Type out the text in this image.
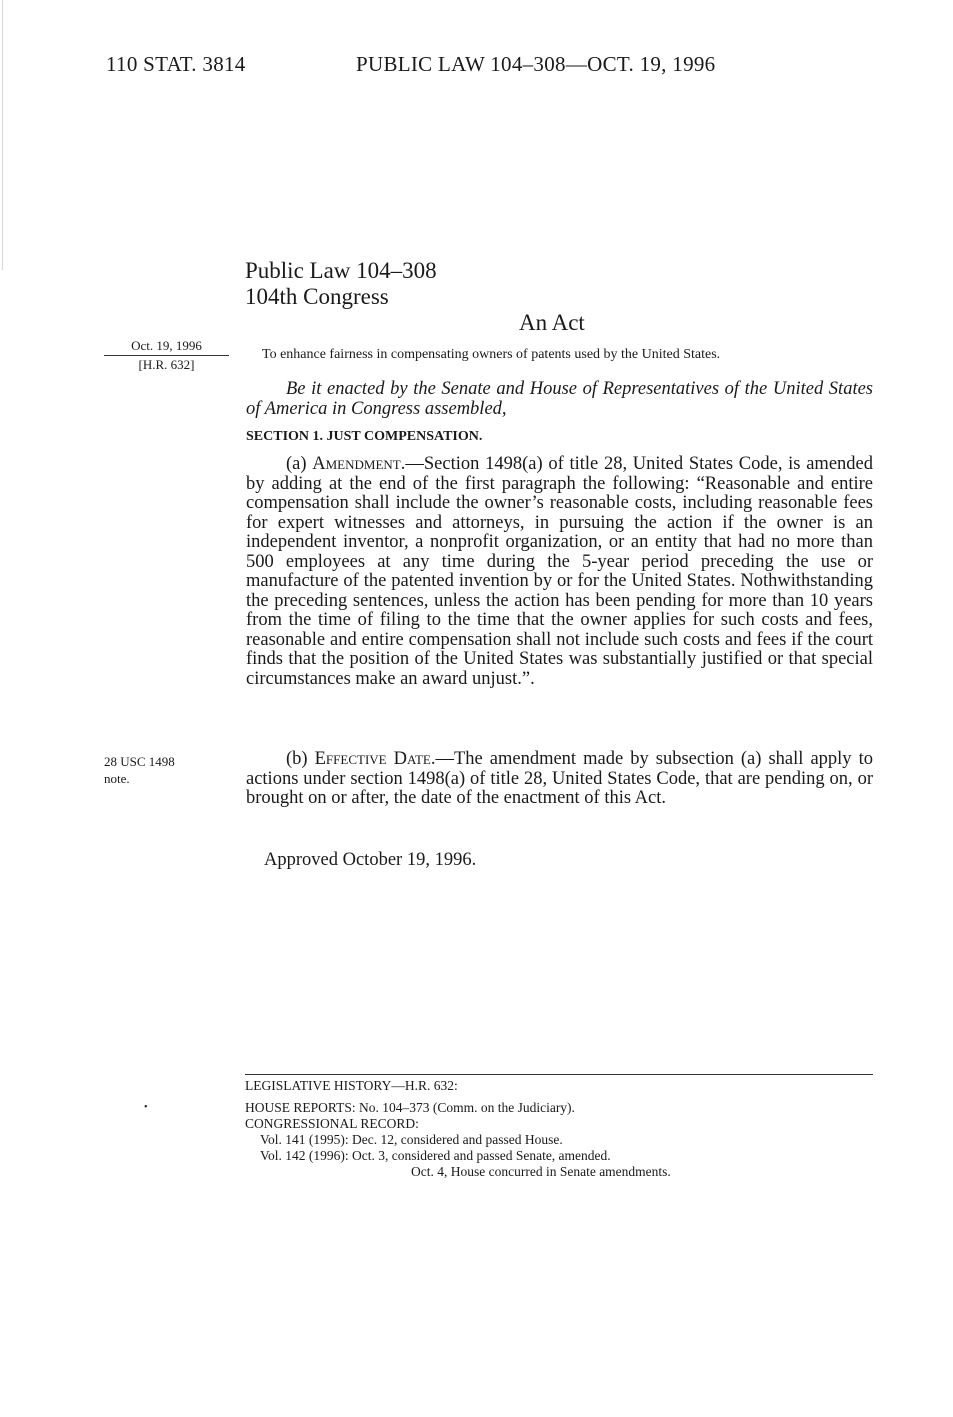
110 STAT. 3814	PUBLIC LAW 104–308—OCT. 19, 1996
Public Law 104–308
104th Congress
An Act
Oct. 19, 1996
[H.R. 632]
To enhance fairness in compensating owners of patents used by the United States.
Be it enacted by the Senate and House of Representatives of the United States of America in Congress assembled,
SECTION 1. JUST COMPENSATION.

(a) Amendment.—Section 1498(a) of title 28, United States Code, is amended by adding at the end of the first paragraph the following: “Reasonable and entire compensation shall include the owner’s reasonable costs, including reasonable fees for expert witnesses and attorneys, in pursuing the action if the owner is an independent inventor, a nonprofit organization, or an entity that had no more than 500 employees at any time during the 5-year period preceding the use or manufacture of the patented invention by or for the United States. Nothwithstanding the preceding sentences, unless the action has been pending for more than 10 years from the time of filing to the time that the owner applies for such costs and fees, reasonable and entire compensation shall not include such costs and fees if the court finds that the position of the United States was substantially justified or that special circumstances make an award unjust.”.

28 USC 1498
note.

(b) Effective Date.—The amendment made by subsection (a) shall apply to actions under section 1498(a) of title 28, United States Code, that are pending on, or brought on or after, the date of the enactment of this Act.

Approved October 19, 1996.
•
LEGISLATIVE HISTORY—H.R. 632:
HOUSE REPORTS: No. 104–373 (Comm. on the Judiciary).
CONGRESSIONAL RECORD:
Vol. 141 (1995): Dec. 12, considered and passed House.
Vol. 142 (1996): Oct. 3, considered and passed Senate, amended.
Oct. 4, House concurred in Senate amendments.
